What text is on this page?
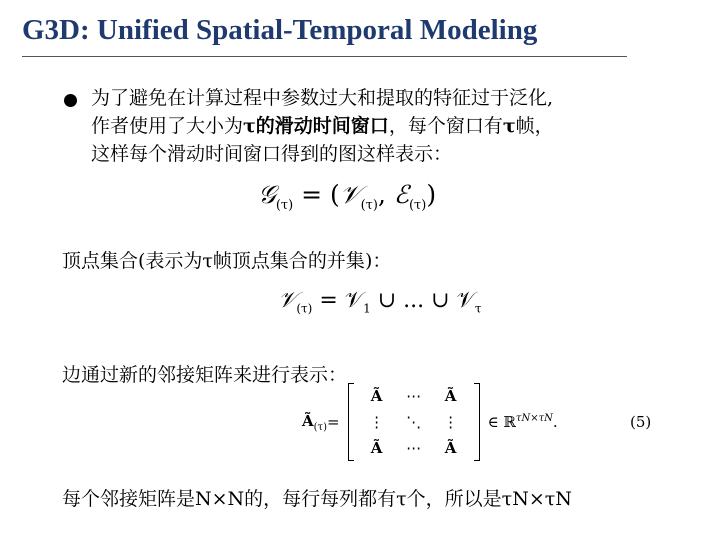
G3D: Unified Spatial-Temporal Modeling
为了避免在计算过程中参数过大和提取的特征过于泛化,
作者使用了大小为τ的滑动时间窗口，每个窗口有τ帧，
这样每个滑动时间窗口得到的图这样表示：
𝒢$_{(\tau)}$ = (𝒱$_{(\tau)}$, ℰ$_{(\tau)}$)
顶点集合(表示为τ帧顶点集合的并集)：
𝒱$_{(\tau)}$ = 𝒱$_1$ ∪ ... ∪ 𝒱$_\tau$
边通过新的邻接矩阵来进行表示：
$Ã_{(\tau)}$ =
Ã ⋯ Ã
⋮ ⋱ ⋮
Ã ⋯ Ã
∈ ℝ$^{\tau N\times\tau N}$.	(5)
每个邻接矩阵是N×N的，每行每列都有τ个，所以是τN×τN
